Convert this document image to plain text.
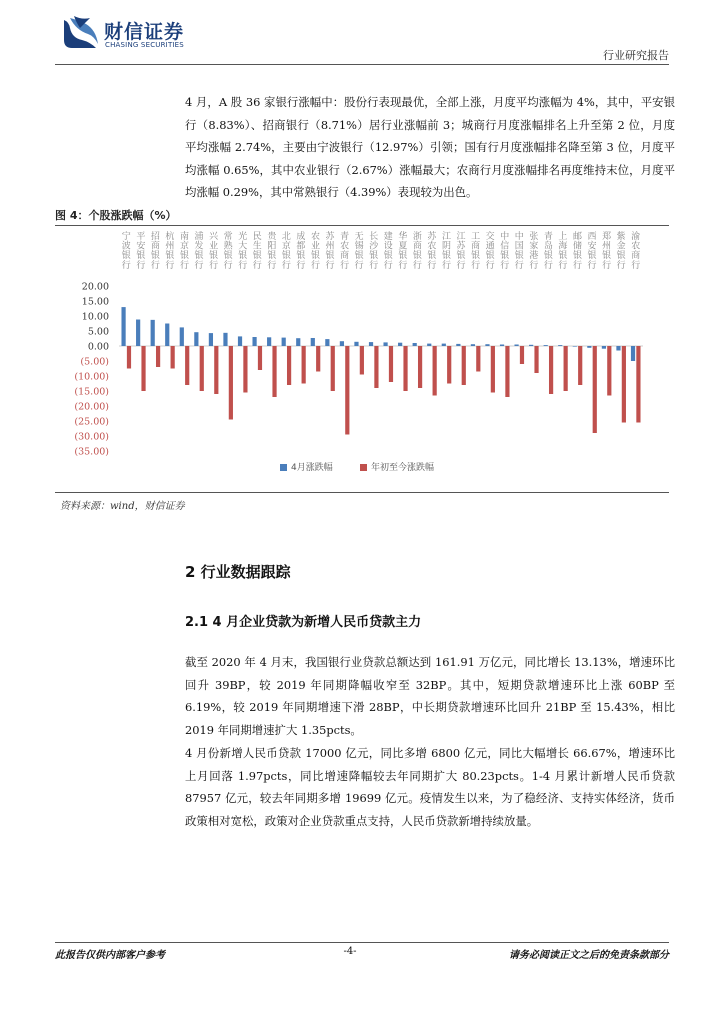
财信证券
CHASING SECURITIES
行业研究报告

4 月，A 股 36 家银行涨幅中：股份行表现最优，全部上涨，月度平均涨幅为 4%，其中，平安银行（8.83%）、招商银行（8.71%）居行业涨幅前 3；城商行月度涨幅排名上升至第 2 位，月度平均涨幅 2.74%，主要由宁波银行（12.97%）引领；国有行月度涨幅排名降至第 3 位，月度平均涨幅 0.65%，其中农业银行（2.67%）涨幅最大；农商行月度涨幅排名再度维持末位，月度平均涨幅 0.29%，其中常熟银行（4.39%）表现较为出色。

图 4：个股涨跌幅（%）
20.00
15.00
10.00
5.00
0.00
(5.00)
(10.00)
(15.00)
(20.00)
(25.00)
(30.00)
(35.00)
宁波银行
平安银行
招商银行
杭州银行
南京银行
浦发银行
兴业银行
常熟银行
光大银行
民生银行
贵阳银行
北京银行
成都银行
农业银行
苏州银行
青农商行
无锡银行
长沙银行
建设银行
华夏银行
浙商银行
苏农银行
江阴银行
江苏银行
工商银行
交通银行
中信银行
中国银行
张家港行
青岛银行
上海银行
邮储银行
西安银行
郑州银行
紫金银行
渝农商行
4月涨跌幅	年初至今涨跌幅
资料来源：wind，财信证券
2 行业数据跟踪
2.1 4 月企业贷款为新增人民币贷款主力

截至 2020 年 4 月末，我国银行业贷款总额达到 161.91 万亿元，同比增长 13.13%，增速环比回升 39BP，较 2019 年同期降幅收窄至 32BP。其中，短期贷款增速环比上涨 60BP 至 6.19%，较 2019 年同期增速下滑 28BP，中长期贷款增速环比回升 21BP 至 15.43%，相比 2019 年同期增速扩大 1.35pcts。

4 月份新增人民币贷款 17000 亿元，同比多增 6800 亿元，同比大幅增长 66.67%，增速环比上月回落 1.97pcts，同比增速降幅较去年同期扩大 80.23pcts。1-4 月累计新增人民币贷款 87957 亿元，较去年同期多增 19699 亿元。疫情发生以来，为了稳经济、支持实体经济，货币政策相对宽松，政策对企业贷款重点支持，人民币贷款新增持续放量。

此报告仅供内部客户参考	-4-	请务必阅读正文之后的免责条款部分
